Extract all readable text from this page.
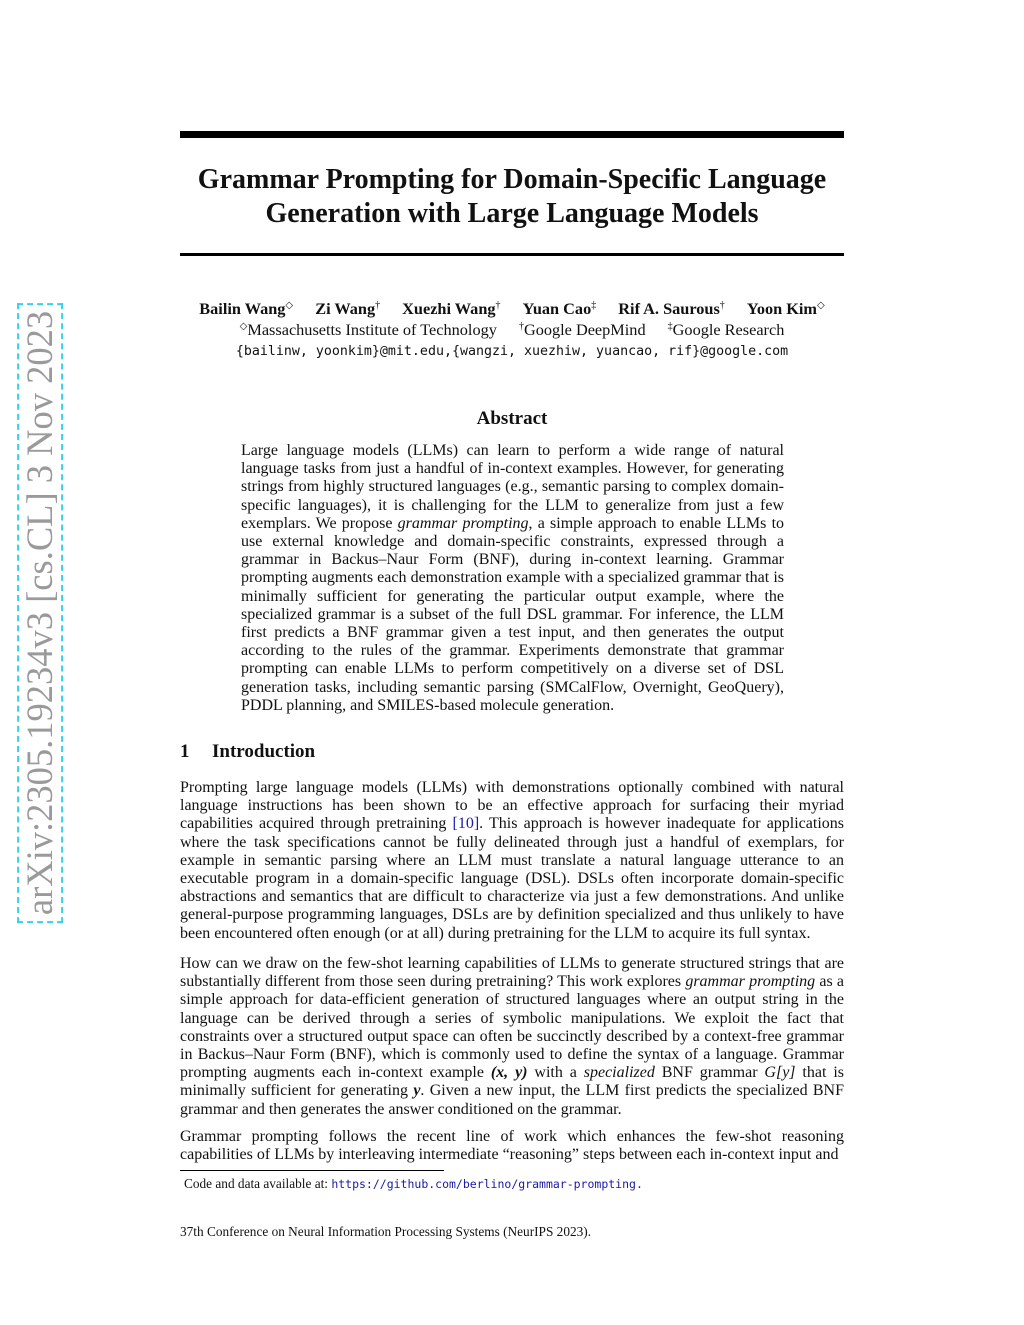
arXiv:2305.19234v3 [cs.CL] 3 Nov 2023
Grammar Prompting for Domain-Specific Language
Generation with Large Language Models
Bailin Wang◇ Zi Wang† Xuezhi Wang† Yuan Cao‡ Rif A. Saurous† Yoon Kim◇
◇Massachusetts Institute of Technology †Google DeepMind ‡Google Research
{bailinw, yoonkim}@mit.edu,{wangzi, xuezhiw, yuancao, rif}@google.com
Abstract

Large language models (LLMs) can learn to perform a wide range of natural language tasks from just a handful of in-context examples. However, for generating strings from highly structured languages (e.g., semantic parsing to complex domain-specific languages), it is challenging for the LLM to generalize from just a few exemplars. We propose grammar prompting, a simple approach to enable LLMs to use external knowledge and domain-specific constraints, expressed through a grammar in Backus–Naur Form (BNF), during in-context learning. Grammar prompting augments each demonstration example with a specialized grammar that is minimally sufficient for generating the particular output example, where the specialized grammar is a subset of the full DSL grammar. For inference, the LLM first predicts a BNF grammar given a test input, and then generates the output according to the rules of the grammar. Experiments demonstrate that grammar prompting can enable LLMs to perform competitively on a diverse set of DSL generation tasks, including semantic parsing (SMCalFlow, Overnight, GeoQuery), PDDL planning, and SMILES-based molecule generation.

1 Introduction

Prompting large language models (LLMs) with demonstrations optionally combined with natural language instructions has been shown to be an effective approach for surfacing their myriad capabilities acquired through pretraining [10]. This approach is however inadequate for applications where the task specifications cannot be fully delineated through just a handful of exemplars, for example in semantic parsing where an LLM must translate a natural language utterance to an executable program in a domain-specific language (DSL). DSLs often incorporate domain-specific abstractions and semantics that are difficult to characterize via just a few demonstrations. And unlike general-purpose programming languages, DSLs are by definition specialized and thus unlikely to have been encountered often enough (or at all) during pretraining for the LLM to acquire its full syntax.

How can we draw on the few-shot learning capabilities of LLMs to generate structured strings that are substantially different from those seen during pretraining? This work explores grammar prompting as a simple approach for data-efficient generation of structured languages where an output string in the language can be derived through a series of symbolic manipulations. We exploit the fact that constraints over a structured output space can often be succinctly described by a context-free grammar in Backus–Naur Form (BNF), which is commonly used to define the syntax of a language. Grammar prompting augments each in-context example (x, y) with a specialized BNF grammar G[y] that is minimally sufficient for generating y. Given a new input, the LLM first predicts the specialized BNF grammar and then generates the answer conditioned on the grammar.

Grammar prompting follows the recent line of work which enhances the few-shot reasoning capabilities of LLMs by interleaving intermediate “reasoning” steps between each in-context input and

Code and data available at: https://github.com/berlino/grammar-prompting.
37th Conference on Neural Information Processing Systems (NeurIPS 2023).
